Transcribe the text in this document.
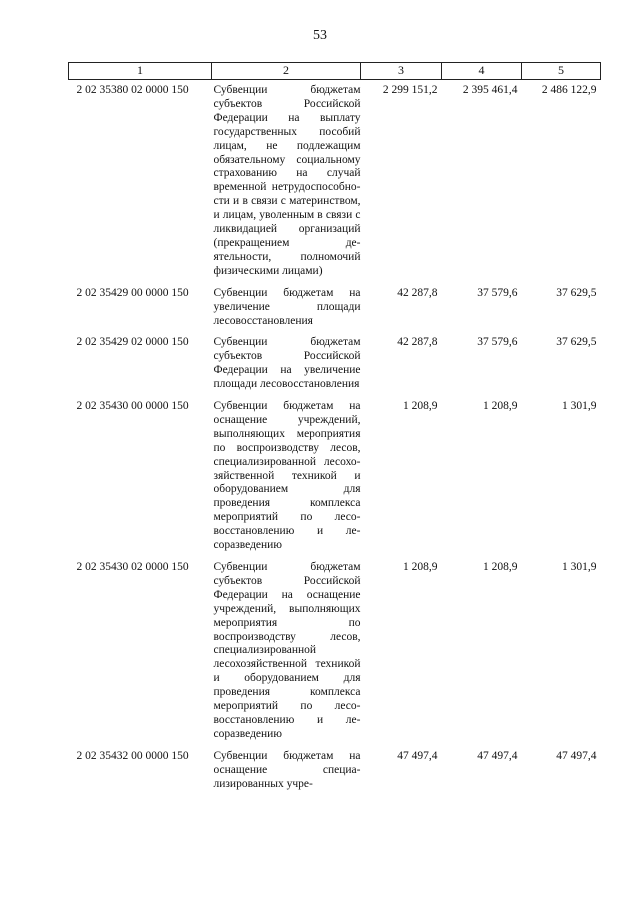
53
1	2	3	4	5
2 02 35380 02 0000 150	Субвенции бюджетам субъектов Российской Федерации на выплату государственных пособий лицам, не подлежащим обязательному социальному страхованию на случай временной нетрудоспособности и в связи с материнством, и лицам, уволенным в связи с ликвидацией организаций (прекращением деятельности, полномочий физическими лицами)	2 299 151,2	2 395 461,4	2 486 122,9
2 02 35429 00 0000 150	Субвенции бюджетам на увеличение площади лесовосстановления	42 287,8	37 579,6	37 629,5
2 02 35429 02 0000 150	Субвенции бюджетам субъектов Российской Федерации на увеличение площади лесовосстановления	42 287,8	37 579,6	37 629,5
2 02 35430 00 0000 150	Субвенции бюджетам на оснащение учреждений, выполняющих мероприятия по воспроизводству лесов, специализированной лесохозяйственной техникой и оборудованием для проведения комплекса мероприятий по лесовосстановлению и лесоразведению	1 208,9	1 208,9	1 301,9
2 02 35430 02 0000 150	Субвенции бюджетам субъектов Российской Федерации на оснащение учреждений, выполняющих мероприятия по воспроизводству лесов, специализированной лесохозяйственной техникой и оборудованием для проведения комплекса мероприятий по лесовосстановлению и лесоразведению	1 208,9	1 208,9	1 301,9
2 02 35432 00 0000 150	Субвенции бюджетам на оснащение специализированных учре-	47 497,4	47 497,4	47 497,4
